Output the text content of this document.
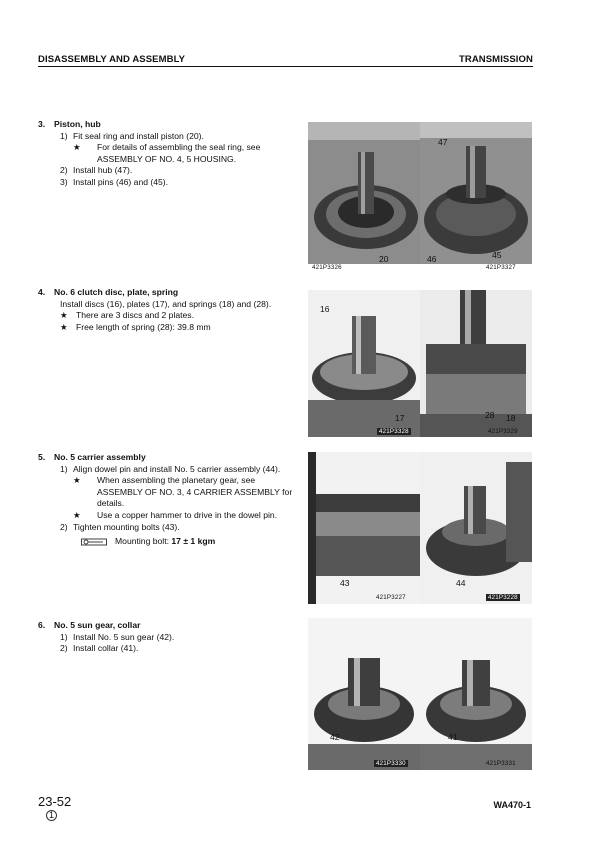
DISASSEMBLY AND ASSEMBLY	TRANSMISSION
3. Piston, hub
1) Fit seal ring and install piston (20).
★ For details of assembling the seal ring, see ASSEMBLY OF NO. 4, 5 HOUSING.
2) Install hub (47).
3) Install pins (46) and (45).
4. No. 6 clutch disc, plate, spring
Install discs (16), plates (17), and springs (18) and (28).
★ There are 3 discs and 2 plates.
★ Free length of spring (28): 39.8 mm
5. No. 5 carrier assembly
1) Align dowel pin and install No. 5 carrier assembly (44).
★ When assembling the planetary gear, see ASSEMBLY OF NO. 3, 4 CARRIER ASSEMBLY for details.
★ Use a copper hammer to drive in the dowel pin.
2) Tighten mounting bolts (43).
Mounting bolt:
17 ± 1 kgm
6. No. 5 sun gear, collar
1) Install No. 5 sun gear (42).
2) Install collar (41).
47
20	46	45
421P3326	421P3327
16
17	28 18
421P3328	421P3329
43	44
421P3227	421P3228
42	41
421P3330	421P3331
23-52
1
WA470-1
